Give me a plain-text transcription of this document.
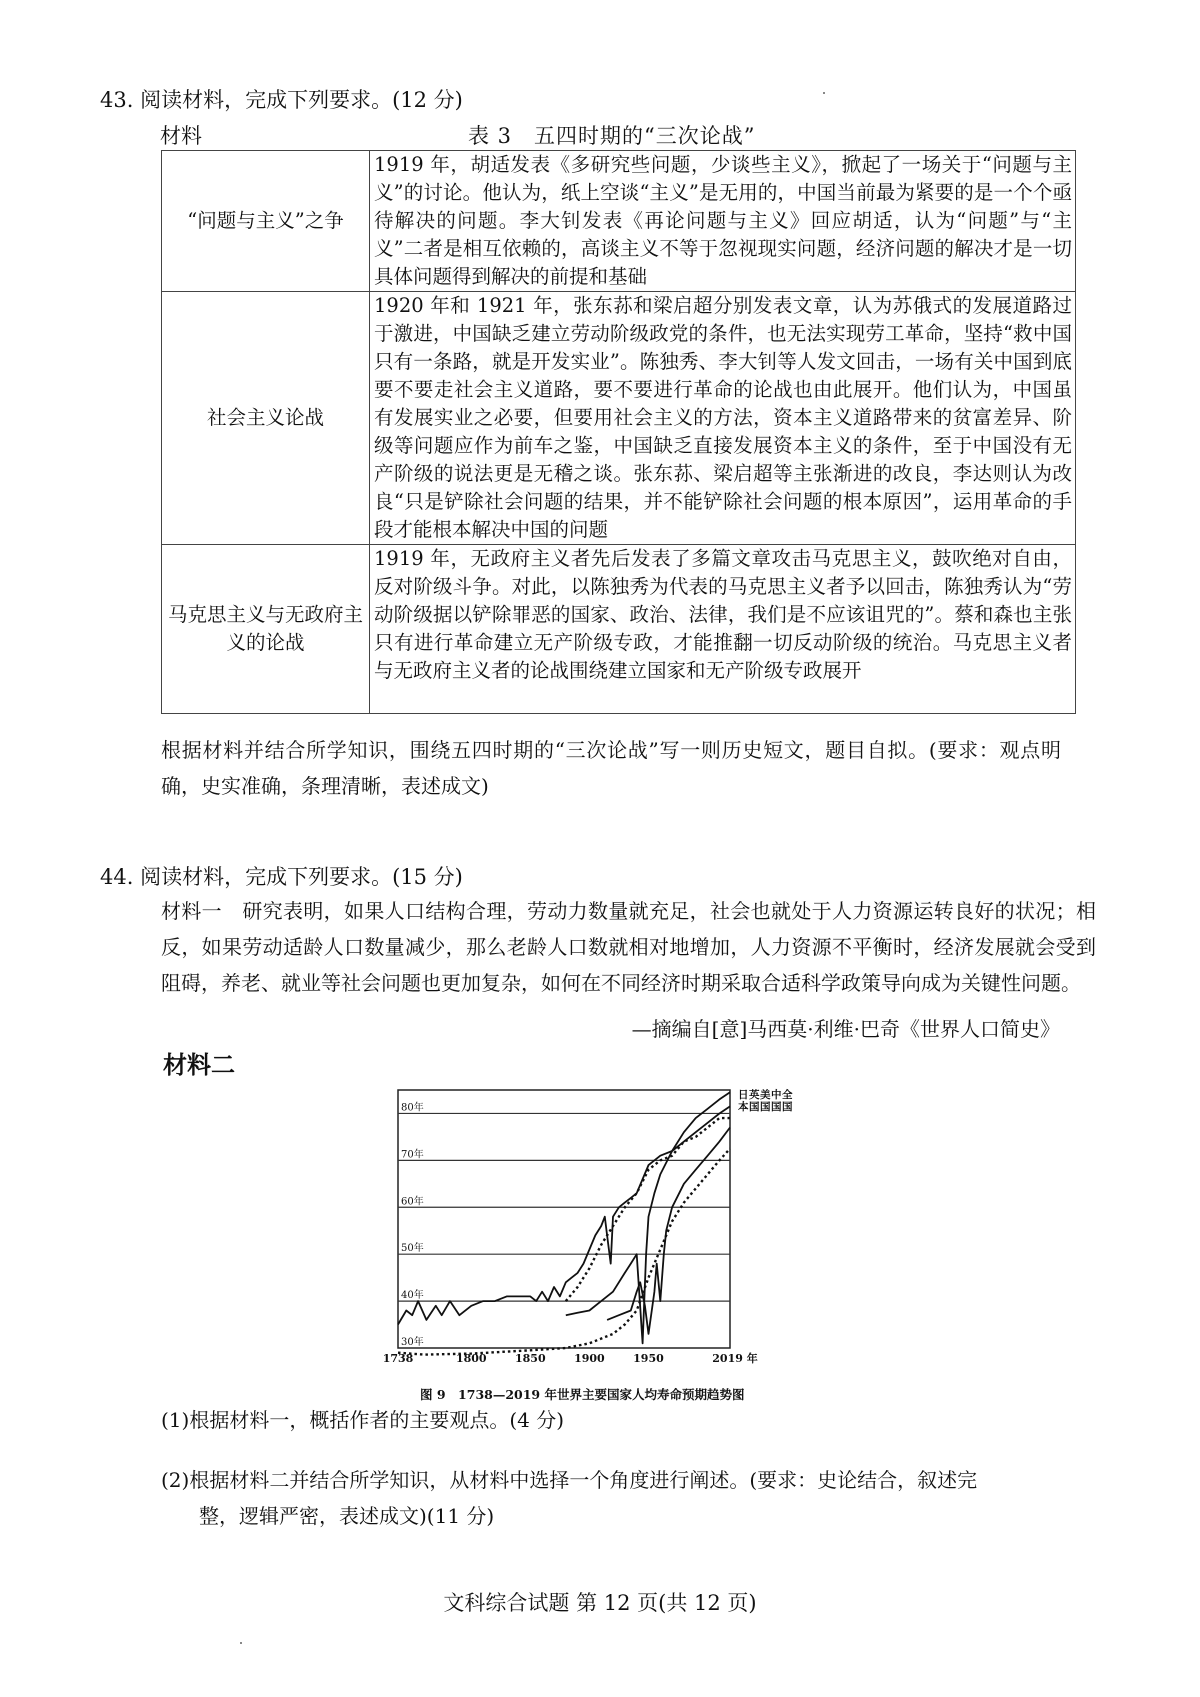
43. 阅读材料，完成下列要求。(12 分)
材料	表 3　五四时期的“三次论战”
“问题与主义”之争	1919 年，胡适发表《多研究些问题，少谈些主义》，掀起了一场关于“问题与主义”的讨论。他认为，纸上空谈“主义”是无用的，中国当前最为紧要的是一个个亟待解决的问题。李大钊发表《再论问题与主义》回应胡适，认为“问题”与“主义”二者是相互依赖的，高谈主义不等于忽视现实问题，经济问题的解决才是一切具体问题得到解决的前提和基础
社会主义论战	1920 年和 1921 年，张东荪和梁启超分别发表文章，认为苏俄式的发展道路过于激进，中国缺乏建立劳动阶级政党的条件，也无法实现劳工革命，坚持“救中国只有一条路，就是开发实业”。陈独秀、李大钊等人发文回击，一场有关中国到底要不要走社会主义道路，要不要进行革命的论战也由此展开。他们认为，中国虽有发展实业之必要，但要用社会主义的方法，资本主义道路带来的贫富差异、阶级等问题应作为前车之鉴，中国缺乏直接发展资本主义的条件，至于中国没有无产阶级的说法更是无稽之谈。张东荪、梁启超等主张渐进的改良，李达则认为改良“只是铲除社会问题的结果，并不能铲除社会问题的根本原因”，运用革命的手段才能根本解决中国的问题
马克思主义与无政府主义的论战	1919 年，无政府主义者先后发表了多篇文章攻击马克思主义，鼓吹绝对自由，反对阶级斗争。对此，以陈独秀为代表的马克思主义者予以回击，陈独秀认为“劳动阶级据以铲除罪恶的国家、政治、法律，我们是不应该诅咒的”。蔡和森也主张只有进行革命建立无产阶级专政，才能推翻一切反动阶级的统治。马克思主义者与无政府主义者的论战围绕建立国家和无产阶级专政展开
根据材料并结合所学知识，围绕五四时期的“三次论战”写一则历史短文，题目自拟。(要求：观点明确，史实准确，条理清晰，表述成文)
44. 阅读材料，完成下列要求。(15 分)
材料一　研究表明，如果人口结构合理，劳动力数量就充足，社会也就处于人力资源运转良好的状况；相反，如果劳动适龄人口数量减少，那么老龄人口数就相对地增加，人力资源不平衡时，经济发展就会受到阻碍，养老、就业等社会问题也更加复杂，如何在不同经济时期采取合适科学政策导向成为关键性问题。
—摘编自[意]马西莫·利维·巴奇《世界人口简史》
材料二
30年
40年
50年
60年
70年
80年
1738	1800	1850	1900	1950	2019 年
日
本
英
国
美
国
中
国
全
国
图 9　1738—2019 年世界主要国家人均寿命预期趋势图
(1)根据材料一，概括作者的主要观点。(4 分)
(2)根据材料二并结合所学知识，从材料中选择一个角度进行阐述。(要求：史论结合，叙述完
整，逻辑严密，表述成文)(11 分)
文科综合试题 第 12 页(共 12 页)
